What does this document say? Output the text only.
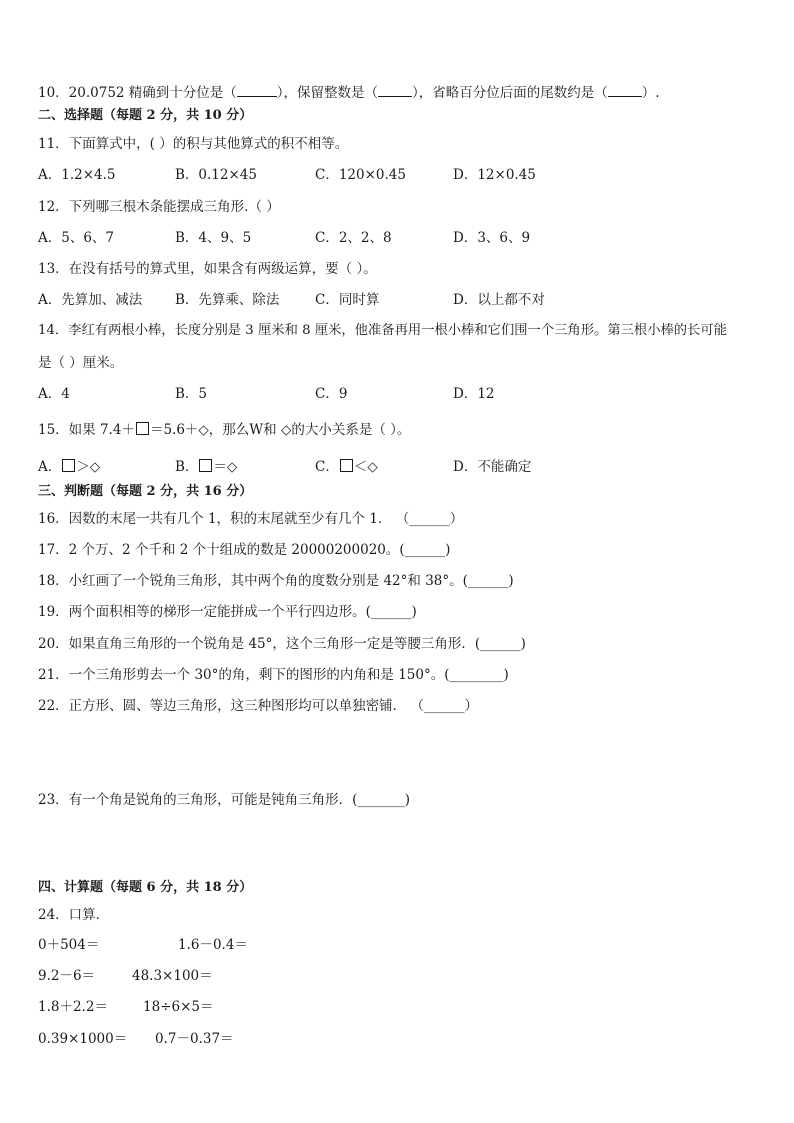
10．20.0752 精确到十分位是（	），保留整数是（	），省略百分位后面的尾数约是（	）.
二、选择题（每题 2 分，共 10 分）
11．下面算式中，( ）的积与其他算式的积不相等。
A．1.2×4.5	B．0.12×45	C．120×0.45	D．12×0.45
12．下列哪三根木条能摆成三角形.（ ）
A．5、6、7	B．4、9、5	C．2、2、8	D．3、6、9
13．在没有括号的算式里，如果含有两级运算，要（ ）。
A．先算加、减法 B．先算乘、除法	C．同时算	D．以上都不对
14．李红有两根小棒，长度分别是 3 厘米和 8 厘米，他准备再用一根小棒和它们围一个三角形。第三根小棒的长可能
是（ ）厘米。
A．4	B．5	C．9	D．12
15．如果 7.4＋ ＝5.6＋◇，那么W和 ◇的大小关系是（ ）。
A． ＞◇	B． ＝◇	C． ＜◇	D．不能确定
三、判断题（每题 2 分，共 16 分）
16．因数的末尾一共有几个 1，积的末尾就至少有几个 1． （______）
17．2 个万、2 个千和 2 个十组成的数是 20000200020。(______)
18．小红画了一个锐角三角形，其中两个角的度数分别是 42°和 38°。(______)
19．两个面积相等的梯形一定能拼成一个平行四边形。(______)
20．如果直角三角形的一个锐角是 45°，这个三角形一定是等腰三角形．(______)
21．一个三角形剪去一个 30°的角，剩下的图形的内角和是 150°。(________)
22．正方形、圆、等边三角形，这三种图形均可以单独密铺． （______）
23．有一个角是锐角的三角形，可能是钝角三角形．(_______)
四、计算题（每题 6 分，共 18 分）
24．口算．
0＋504＝	1.6－0.4＝
9.2－6＝	48.3×100＝
1.8＋2.2＝	18÷6×5＝
0.39×1000＝ 0.7－0.37＝
